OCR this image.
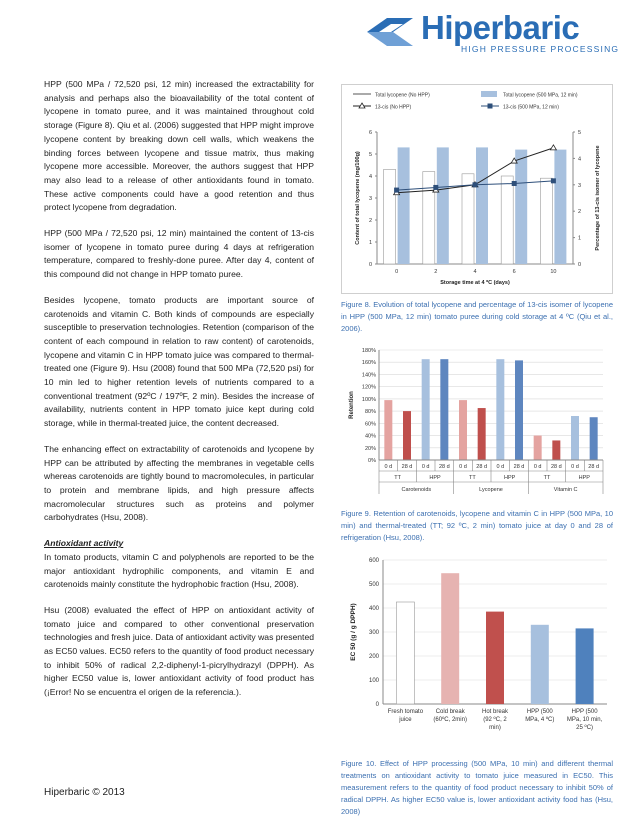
Hiperbaric
HIGH PRESSURE PROCESSING

HPP (500 MPa / 72,520 psi, 12 min) increased the extractability for analysis and perhaps also the bioavailability of the total content of lycopene in tomato puree, and it was maintained throughout cold storage (Figure 8). Qiu et al. (2006) suggested that HPP might improve lycopene content by breaking down cell walls, which weakens the binding forces between lycopene and tissue matrix, thus making lycopene more accessible. Moreover, the authors suggest that HPP may also lead to a release of other antioxidants found in tomato. These active components could have a good retention and thus protect lycopene from degradation.

HPP (500 MPa / 72,520 psi, 12 min) maintained the content of 13-cis isomer of lycopene in tomato puree during 4 days at refrigeration temperature, compared to freshly-done puree. After day 4, content of this compound did not change in HPP tomato puree.

Besides lycopene, tomato products are important source of carotenoids and vitamin C. Both kinds of compounds are especially susceptible to preservation technologies. Retention (comparison of the content of each compound in relation to raw content) of carotenoids, lycopene and vitamin C in HPP tomato juice was compared to thermal-treated one (Figure 9). Hsu (2008) found that 500 MPa (72,520 psi) for 10 min led to higher retention levels of nutrients compared to a conventional treatment (92ºC / 197ºF, 2 min). Besides the increase of availability, nutrients content in HPP tomato juice kept during cold storage, while in thermal-treated juice, the content decreased.

The enhancing effect on extractability of carotenoids and lycopene by HPP can be attributed by affecting the membranes in vegetable cells whereas carotenoids are tightly bound to macromolecules, in particular to protein and membrane lipids, and high pressure affects macromolecular structures such as proteins and polymer carbohydrates (Hsu, 2008).

Antioxidant activity

In tomato products, vitamin C and polyphenols are reported to be the major antioxidant hydrophilic components, and vitamin E and carotenoids mainly constitute the hydrophobic fraction (Hsu, 2008).

Hsu (2008) evaluated the effect of HPP on antioxidant activity of tomato juice and compared to other conventional preservation technologies and fresh juice. Data of antioxidant activity was presented as EC50 values. EC50 refers to the quantity of food product necessary to inhibit 50% of radical 2,2-diphenyl-1-picrylhydrazyl (DPPH). As higher EC50 value is, lower antioxidant activity of food product has (¡Error! No se encuentra el origen de la referencia.).

Hiperbaric © 2013
Total lycopene (No HPP)	Total lycopene (500 MPa, 12 min)
13-cis (No HPP)	13-cis (500 MPa, 12 min)
0
1
2
3
4
5
6
0
1
2
3
4
5
Content of total lycopene (mg/100g)	Percentage of 13-cis isomer of lycopene
0	2	4	6	10
Storage time at 4 ºC (days)
Figure 8. Evolution of total lycopene and percentage of 13-cis isomer of lycopene in HPP (500 MPa, 12 min) tomato puree during cold storage at 4 ºC (Qiu et al., 2006).
0%
20%
40%
60%
80%
100%
120%
140%
160%
180%
Retention
0 d 28 d 0 d 28 d 0 d 28 d 0 d 28 d 0 d 28 d 0 d 28 d
TT	HPP	TT	HPP	TT	HPP
Carotenoids	Lycopene	Vitamin C
Figure 9. Retention of carotenoids, lycopene and vitamin C in HPP (500 MPa, 10 min) and thermal-treated (TT; 92 ºC, 2 min) tomato juice at day 0 and 28 of refrigeration (Hsu, 2008).
0
100
200
300
400
500
600
EC 50 (g / g DPPH)
Fresh tomato
juice
Cold break
(60ºC, 2min)
Hot break
(92 ºC, 2
min)
HPP (500
MPa, 4 ºC)
HPP (500
MPa, 10 min,
25 ºC)
Figure 10. Effect of HPP processing (500 MPa, 10 min) and different thermal treatments on antioxidant activity to tomato juice measured in EC50. This measurement refers to the quantity of food product necessary to inhibit 50% of radical DPPH. As higher EC50 value is, lower antioxidant activity food has (Hsu, 2008)
